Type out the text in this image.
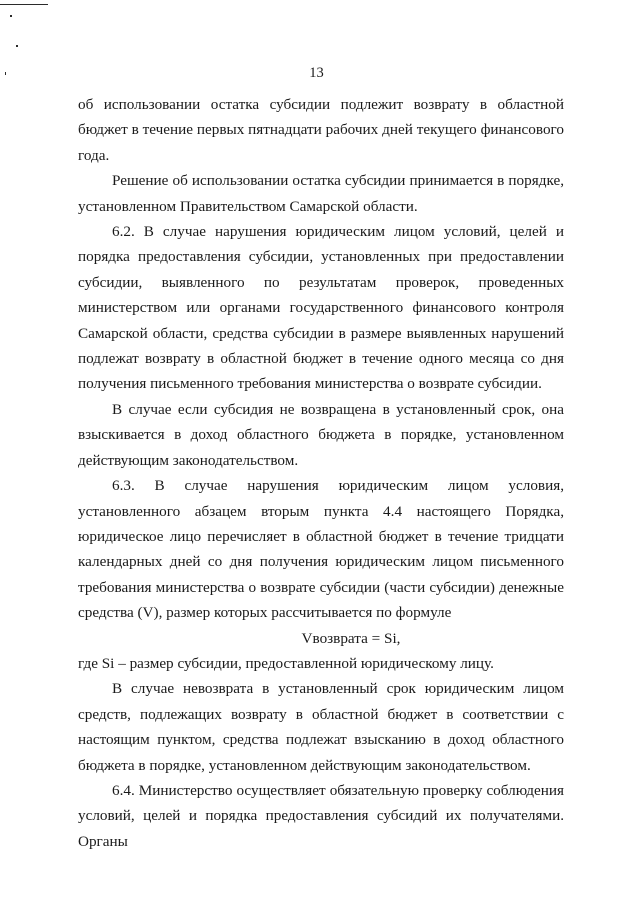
13

об использовании остатка субсидии подлежит возврату в областной бюджет в течение первых пятнадцати рабочих дней текущего финансового года.

Решение об использовании остатка субсидии принимается в порядке, установленном Правительством Самарской области.

6.2. В случае нарушения юридическим лицом условий, целей и порядка предоставления субсидии, установленных при предоставлении субсидии, выявленного по результатам проверок, проведенных министерством или органами государственного финансового контроля Самарской области, средства субсидии в размере выявленных нарушений подлежат возврату в областной бюджет в течение одного месяца со дня получения письменного требования министерства о возврате субсидии.

В случае если субсидия не возвращена в установленный срок, она взыскивается в доход областного бюджета в порядке, установленном действующим законодательством.

6.3. В случае нарушения юридическим лицом условия, установленного абзацем вторым пункта 4.4 настоящего Порядка, юридическое лицо перечисляет в областной бюджет в течение тридцати календарных дней со дня получения юридическим лицом письменного требования министерства о возврате субсидии (части субсидии) денежные средства (V), размер которых рассчитывается по формуле

Vвозврата = Si,

где Si – размер субсидии, предоставленной юридическому лицу.

В случае невозврата в установленный срок юридическим лицом средств, подлежащих возврату в областной бюджет в соответствии с настоящим пунктом, средства подлежат взысканию в доход областного бюджета в порядке, установленном действующим законодательством.

6.4. Министерство осуществляет обязательную проверку соблюдения условий, целей и порядка предоставления субсидий их получателями. Органы
